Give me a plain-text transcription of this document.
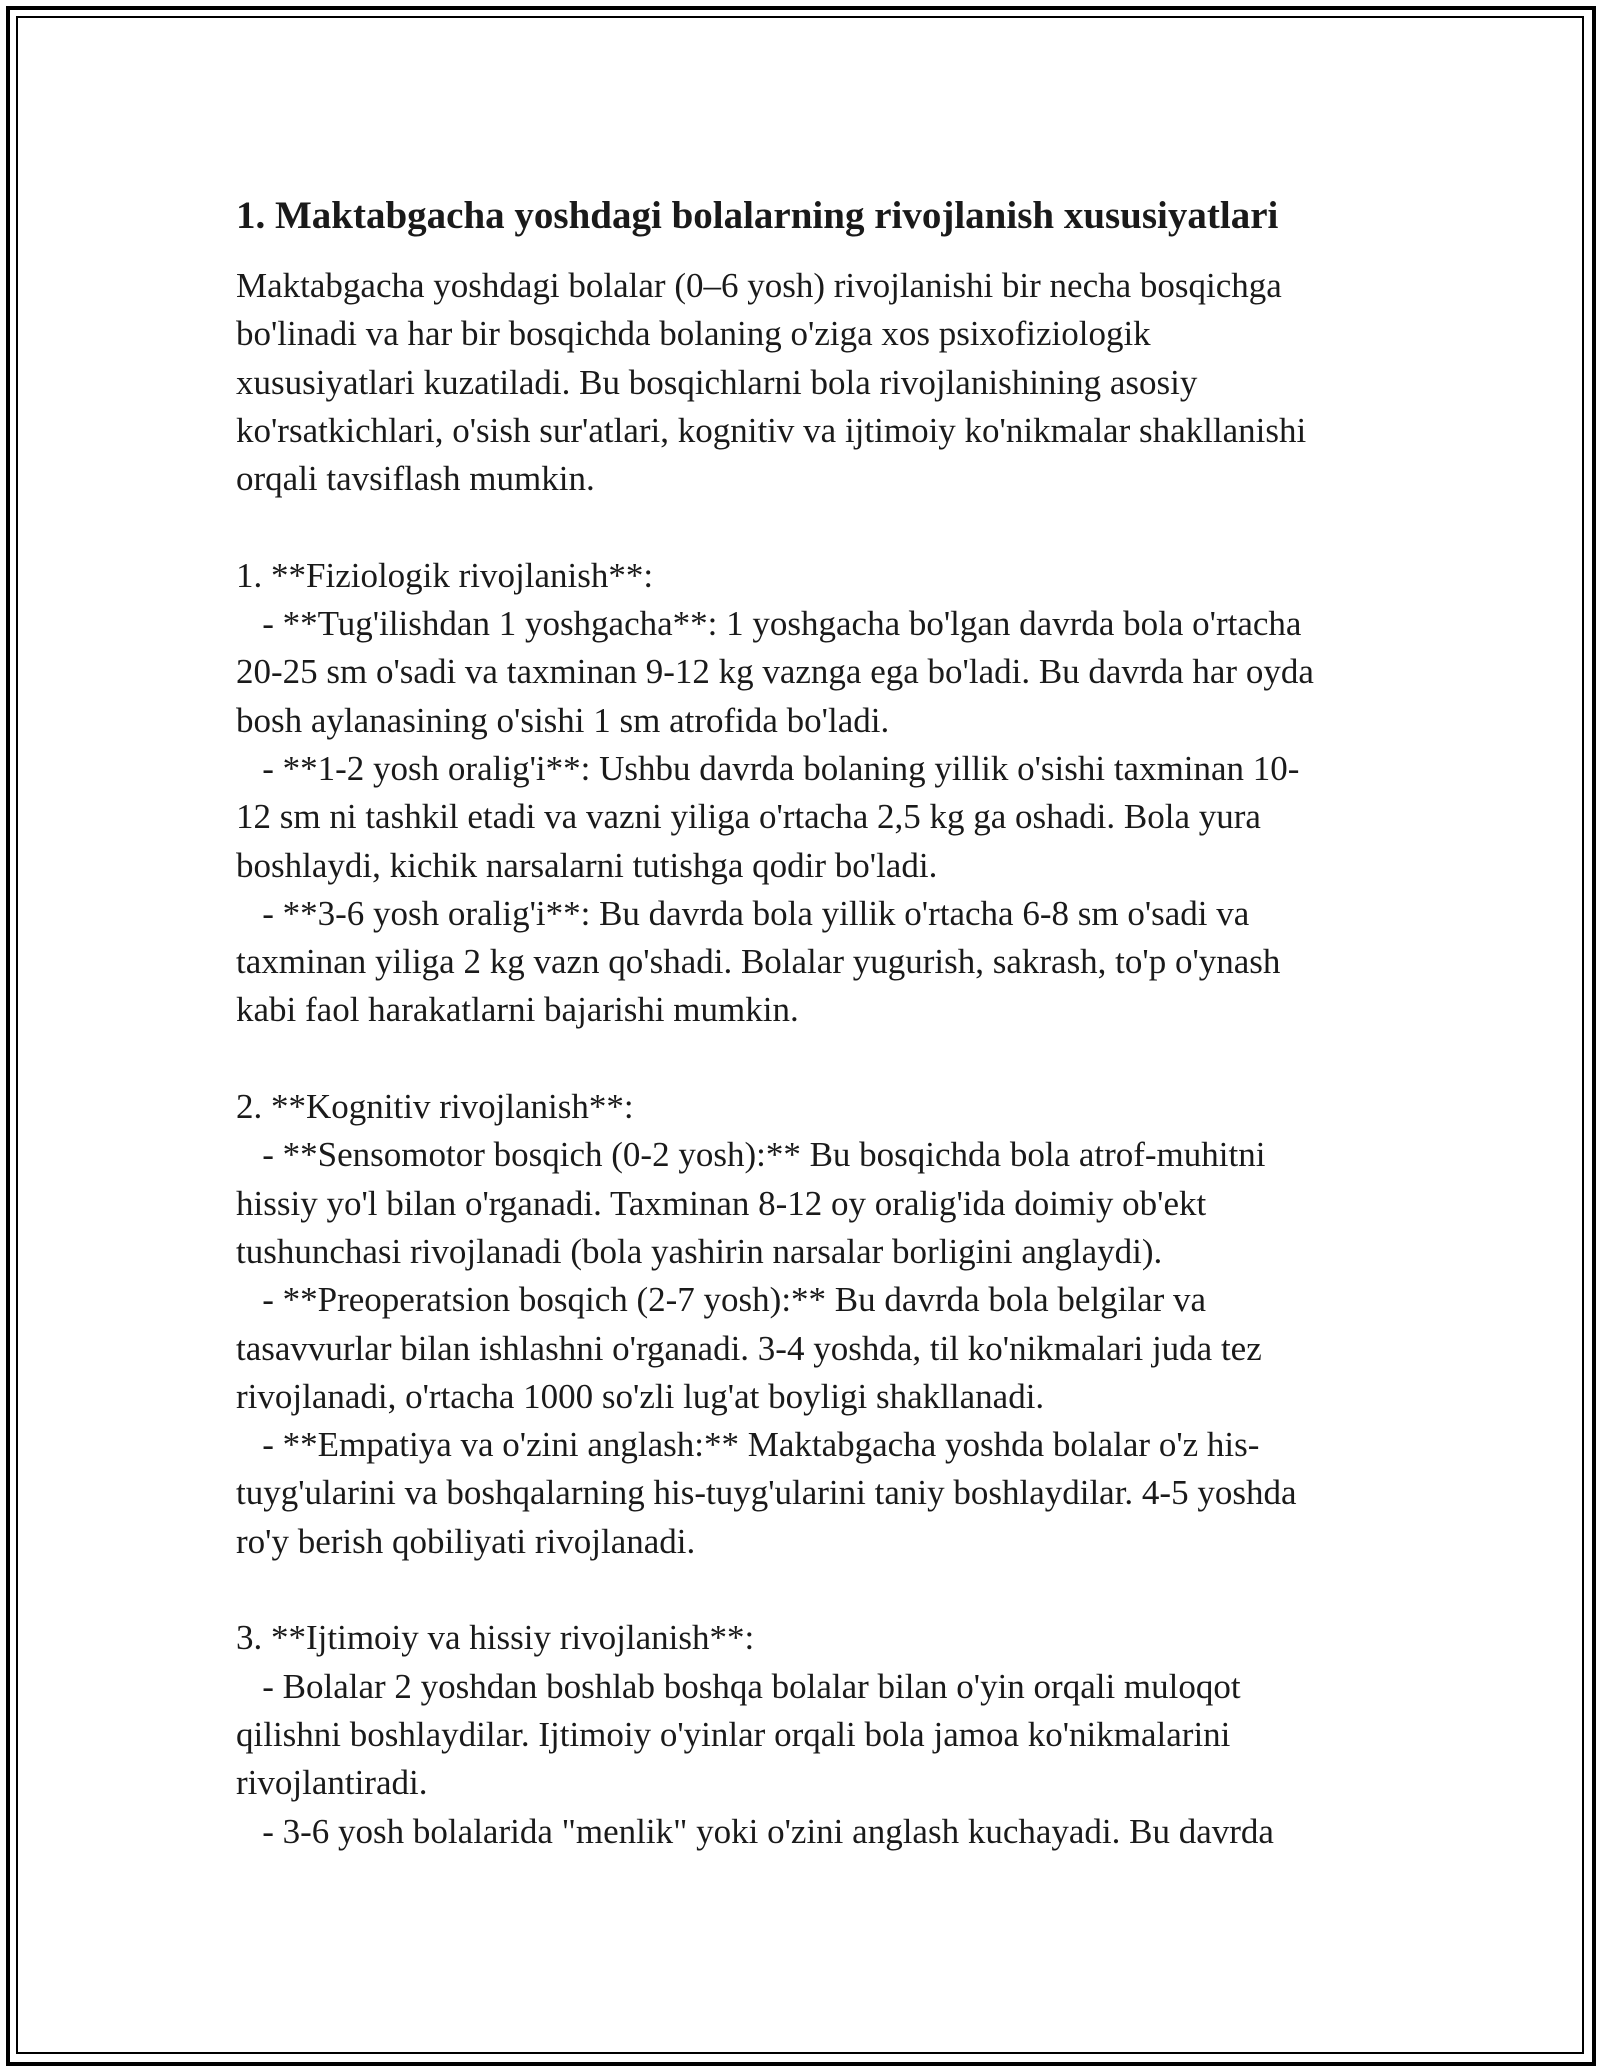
1. Maktabgacha yoshdagi bolalarning rivojlanish xususiyatlari

Maktabgacha yoshdagi bolalar (0–6 yosh) rivojlanishi bir necha bosqichga
bo'linadi va har bir bosqichda bolaning o'ziga xos psixofiziologik
xususiyatlari kuzatiladi. Bu bosqichlarni bola rivojlanishining asosiy
ko'rsatkichlari, o'sish sur'atlari, kognitiv va ijtimoiy ko'nikmalar shakllanishi
orqali tavsiflash mumkin.

1. **Fiziologik rivojlanish**:
- **Tug'ilishdan 1 yoshgacha**: 1 yoshgacha bo'lgan davrda bola o'rtacha
20-25 sm o'sadi va taxminan 9-12 kg vaznga ega bo'ladi. Bu davrda har oyda
bosh aylanasining o'sishi 1 sm atrofida bo'ladi.
- **1-2 yosh oralig'i**: Ushbu davrda bolaning yillik o'sishi taxminan 10-
12 sm ni tashkil etadi va vazni yiliga o'rtacha 2,5 kg ga oshadi. Bola yura
boshlaydi, kichik narsalarni tutishga qodir bo'ladi.
- **3-6 yosh oralig'i**: Bu davrda bola yillik o'rtacha 6-8 sm o'sadi va
taxminan yiliga 2 kg vazn qo'shadi. Bolalar yugurish, sakrash, to'p o'ynash
kabi faol harakatlarni bajarishi mumkin.

2. **Kognitiv rivojlanish**:
- **Sensomotor bosqich (0-2 yosh):** Bu bosqichda bola atrof-muhitni
hissiy yo'l bilan o'rganadi. Taxminan 8-12 oy oralig'ida doimiy ob'ekt
tushunchasi rivojlanadi (bola yashirin narsalar borligini anglaydi).
- **Preoperatsion bosqich (2-7 yosh):** Bu davrda bola belgilar va
tasavvurlar bilan ishlashni o'rganadi. 3-4 yoshda, til ko'nikmalari juda tez
rivojlanadi, o'rtacha 1000 so'zli lug'at boyligi shakllanadi.
- **Empatiya va o'zini anglash:** Maktabgacha yoshda bolalar o'z his-
tuyg'ularini va boshqalarning his-tuyg'ularini taniy boshlaydilar. 4-5 yoshda
ro'y berish qobiliyati rivojlanadi.

3. **Ijtimoiy va hissiy rivojlanish**:
- Bolalar 2 yoshdan boshlab boshqa bolalar bilan o'yin orqali muloqot
qilishni boshlaydilar. Ijtimoiy o'yinlar orqali bola jamoa ko'nikmalarini
rivojlantiradi.
- 3-6 yosh bolalarida "menlik" yoki o'zini anglash kuchayadi. Bu davrda
